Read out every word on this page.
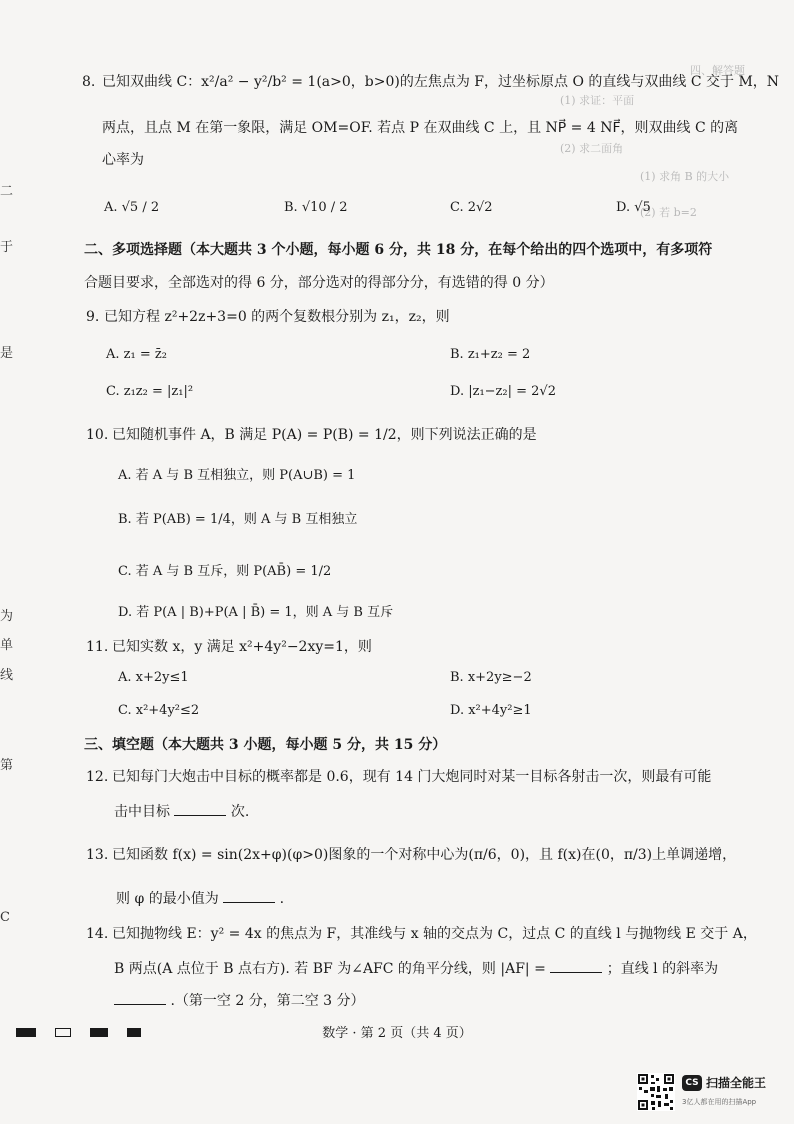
二
于
是
为
单
线
第
C
四、解答题
(1) 求证：平面
(2) 求二面角
(1) 求角 B 的大小
(2) 若 b=2
8. 已知双曲线 C：x²/a² − y²/b² = 1(a>0，b>0)的左焦点为 F，过坐标原点 O 的直线与双曲线 C 交于 M，N
两点，且点 M 在第一象限，满足 OM=OF. 若点 P 在双曲线 C 上，且 NP⃗ = 4 NF⃗，则双曲线 C 的离
心率为
A. √5 / 2	B. √10 / 2	C. 2√2	D. √5
二、多项选择题（本大题共 3 个小题，每小题 6 分，共 18 分，在每个给出的四个选项中，有多项符
合题目要求，全部选对的得 6 分，部分选对的得部分分，有选错的得 0 分）
9. 已知方程 z²+2z+3=0 的两个复数根分别为 z₁，z₂，则
A. z₁ = z̄₂	B. z₁+z₂ = 2
C. z₁z₂ = |z₁|²	D. |z₁−z₂| = 2√2
10. 已知随机事件 A，B 满足 P(A) = P(B) = 1/2，则下列说法正确的是
A. 若 A 与 B 互相独立，则 P(A∪B) = 1
B. 若 P(AB) = 1/4，则 A 与 B 互相独立
C. 若 A 与 B 互斥，则 P(AB̄) = 1/2
D. 若 P(A | B)+P(A | B̄) = 1，则 A 与 B 互斥
11. 已知实数 x，y 满足 x²+4y²−2xy=1，则
A. x+2y≤1	B. x+2y≥−2
C. x²+4y²≤2	D. x²+4y²≥1
三、填空题（本大题共 3 小题，每小题 5 分，共 15 分）
12. 已知每门大炮击中目标的概率都是 0.6，现有 14 门大炮同时对某一目标各射击一次，则最有可能
击中目标	次.
13. 已知函数 f(x) = sin(2x+φ)(φ>0)图象的一个对称中心为(π/6，0)，且 f(x)在(0，π/3)上单调递增，
则 φ 的最小值为	.
14. 已知抛物线 E：y² = 4x 的焦点为 F，其准线与 x 轴的交点为 C，过点 C 的直线 l 与抛物线 E 交于 A，
B 两点(A 点位于 B 点右方). 若 BF 为∠AFC 的角平分线，则 |AF| =	；直线 l 的斜率为
.（第一空 2 分，第二空 3 分）

数学 · 第 2 页（共 4 页）
CS 扫描全能王
3亿人都在用的扫描App
